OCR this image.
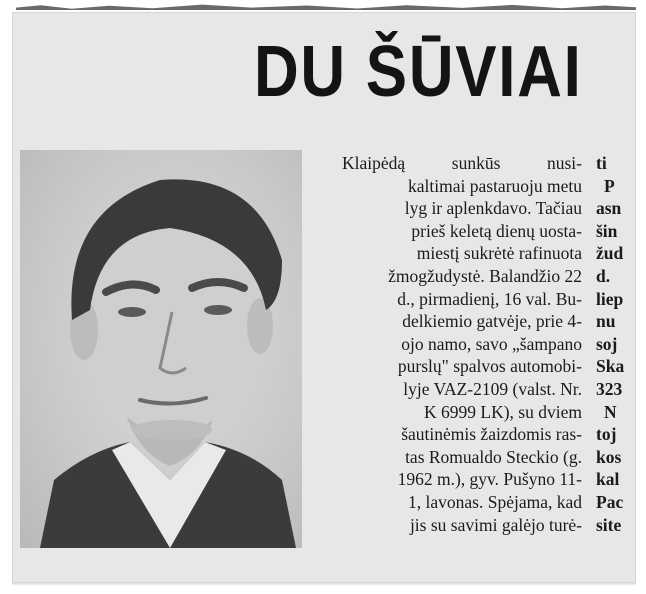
DU ŠŪVIAI

Klaipėdą sunkūs nusi-
kaltimai pastaruoju metu
lyg ir aplenkdavo. Tačiau
prieš keletą dienų uosta-
miestį sukrėtė rafinuota
žmogžudystė. Balandžio 22
d., pirmadienį, 16 val. Bu-
delkiemio gatvėje, prie 4-
ojo namo, savo „šampano
purslų" spalvos automobi-
lyje VAZ-2109 (valst. Nr.
K 6999 LK), su dviem
šautinėmis žaizdomis ras-
tas Romualdo Steckio (g.
1962 m.), gyv. Pušyno 11-
1, lavonas. Spėjama, kad
jis su savimi galėjo turė-

ti
P
asn
šin
žud
d.
liep
nu
soj
Ska
323
N
toj
kos
kal
Pac
site
